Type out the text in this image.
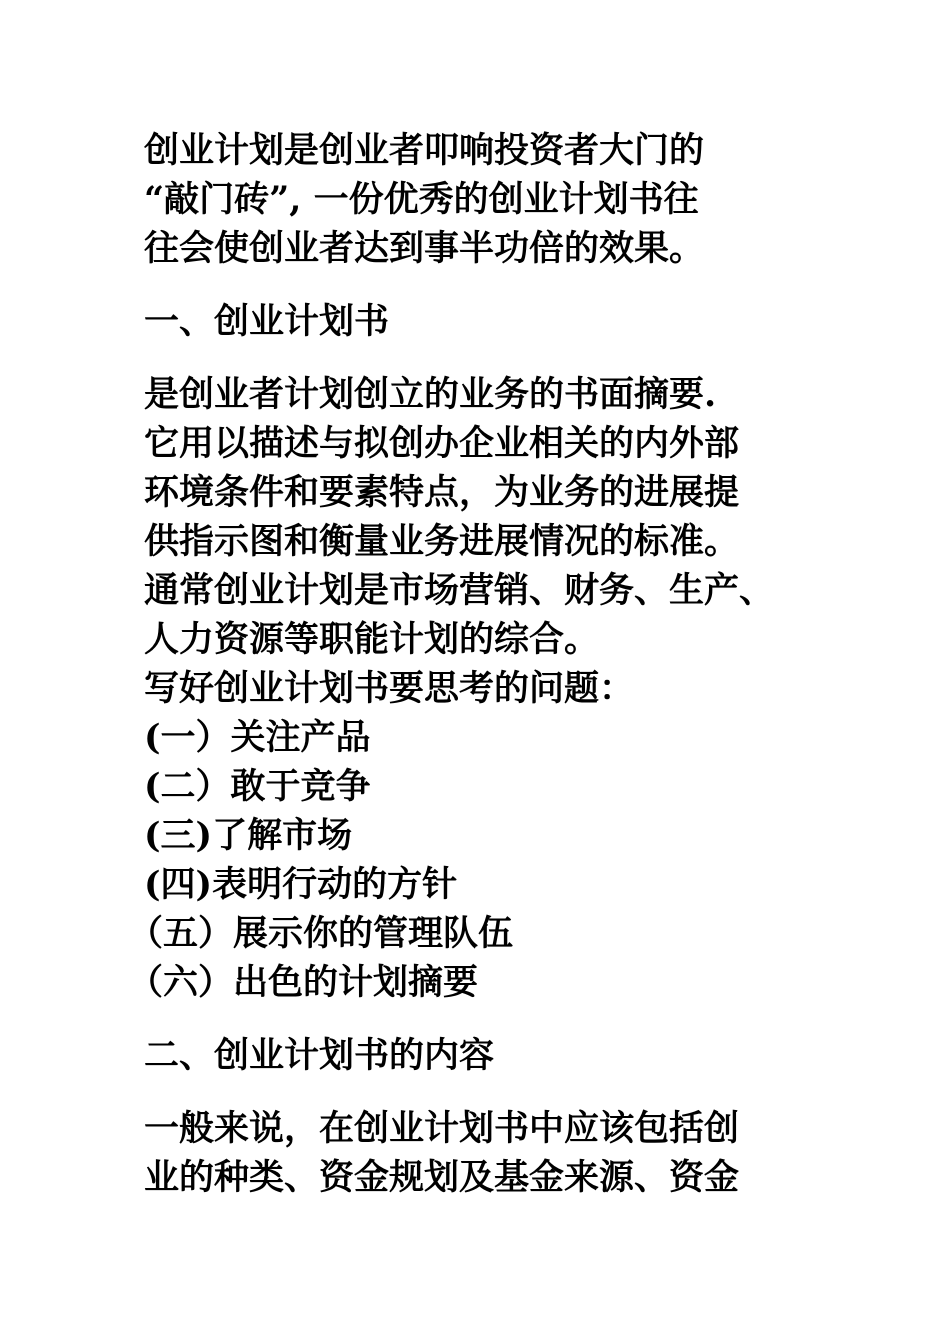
创业计划是创业者叩响投资者大门的
“敲门砖”, 一份优秀的创业计划书往
往会使创业者达到事半功倍的效果。
一、创业计划书
是创业者计划创立的业务的书面摘要.
它用以描述与拟创办企业相关的内外部
环境条件和要素特点，为业务的进展提
供指示图和衡量业务进展情况的标准。
通常创业计划是市场营销、财务、生产、
人力资源等职能计划的综合。
写好创业计划书要思考的问题：
(一）关注产品
(二）敢于竞争
(三)了解市场
(四)表明行动的方针
（五）展示你的管理队伍
（六）出色的计划摘要
二、创业计划书的内容
一般来说，在创业计划书中应该包括创
业的种类、资金规划及基金来源、资金
